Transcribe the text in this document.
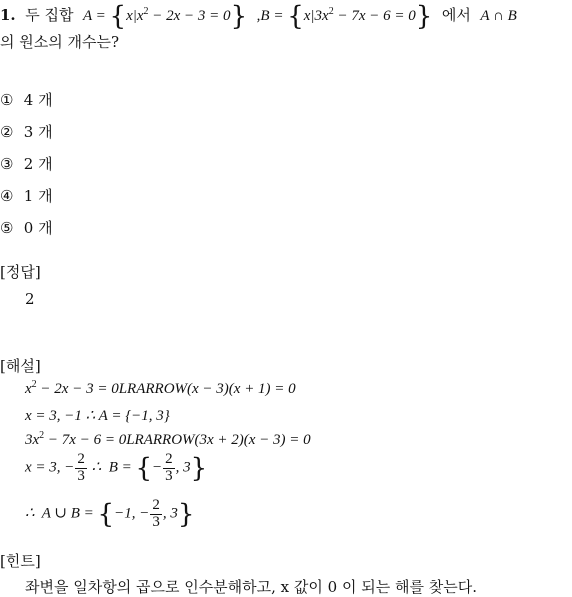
1. 두 집합 $A = \{x|x^2 - 2x - 3 = 0\} ,B = \{x|3x^2 - 7x - 6 = 0\}$ 에서 A ∩ B
의 원소의 개수는?
① 4 개
② 3 개
③ 2 개
④ 1 개
⑤ 0 개
[정답]
2
[해설]
$x^2 - 2x - 3$ = 0LRARROW(x − 3)(x + 1) = 0
x = 3, −1 ∴ A = {−1, 3}
$3x^2 - 7x - 6$ = 0LRARROW(3x + 2)(x − 3) = 0
x = 3, − $\frac{2}{3}$ ∴  B = {− $\frac{2}{3}$ , 3}
∴  A ∪ B = {−1, − $\frac{2}{3}$ , 3}
[힌트]
좌변을 일차항의 곱으로 인수분해하고, x 값이 0 이 되는 해를 찾는다.
